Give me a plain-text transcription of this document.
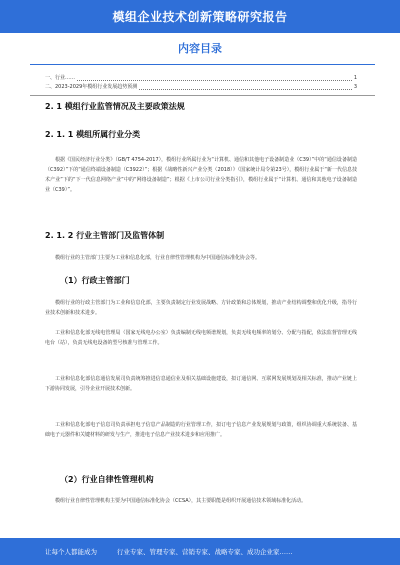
模组企业技术创新策略研究报告
内容目录
一、行业……	1
二、2023-2029年模组行业发展趋势预测	3
2. 1 模组行业监管情况及主要政策法规
2. 1. 1 模组所属行业分类
根据《国民经济行业分类》（GB/T 4754-2017），模组行业所属行业为“计算机、通信和其他电子设备制造业（C39）”中的“通信设备制造（C392）”下的“通信终端设备制造（C3922）”；根据《战略性新兴产业分类（2018）》（国家统计局令第23号），模组行业属于“新一代信息技术产业”下的“下一代信息网络产业”中的“网络设备制造”；根据《上市公司行业分类指引》，模组行业属于“计算机、通信和其他电子设备制造业（C39）”。
2. 1. 2 行业主管部门及监管体制
模组行业的主管部门主要为工业和信息化部，行业自律性管理机构为中国通信标准化协会等。
（1）行政主管部门
模组行业的行政主管部门为工业和信息化部，主要负责制定行业发展战略、方针政策和总体规划，推动产业结构调整和优化升级，指导行业技术创新和技术进步。
工业和信息化部无线电管理局（国家无线电办公室）负责编制无线电频谱规划，负责无线电频率的划分、分配与指配，依法监督管理无线电台（站），负责无线电设备的型号核准与管理工作。
工业和信息化部信息通信发展司负责统筹推进信息通信业及相关基础设施建设，拟订通信网、互联网发展规划及相关标准，推动产业链上下游协同发展，引导企业开展技术创新。
工业和信息化部电子信息司负责承担电子信息产品制造的行业管理工作，拟订电子信息产业发展规划与政策，组织协调重大系统装备、基础电子元器件和关键材料的研发与生产，推进电子信息产业技术进步和应用推广。
（2）行业自律性管理机构
模组行业自律性管理机构主要为中国通信标准化协会（CCSA），其主要职能是组织开展通信技术领域标准化活动。
让每个人都能成为	行业专家、管理专家、营销专家、战略专家、成功企业家……
